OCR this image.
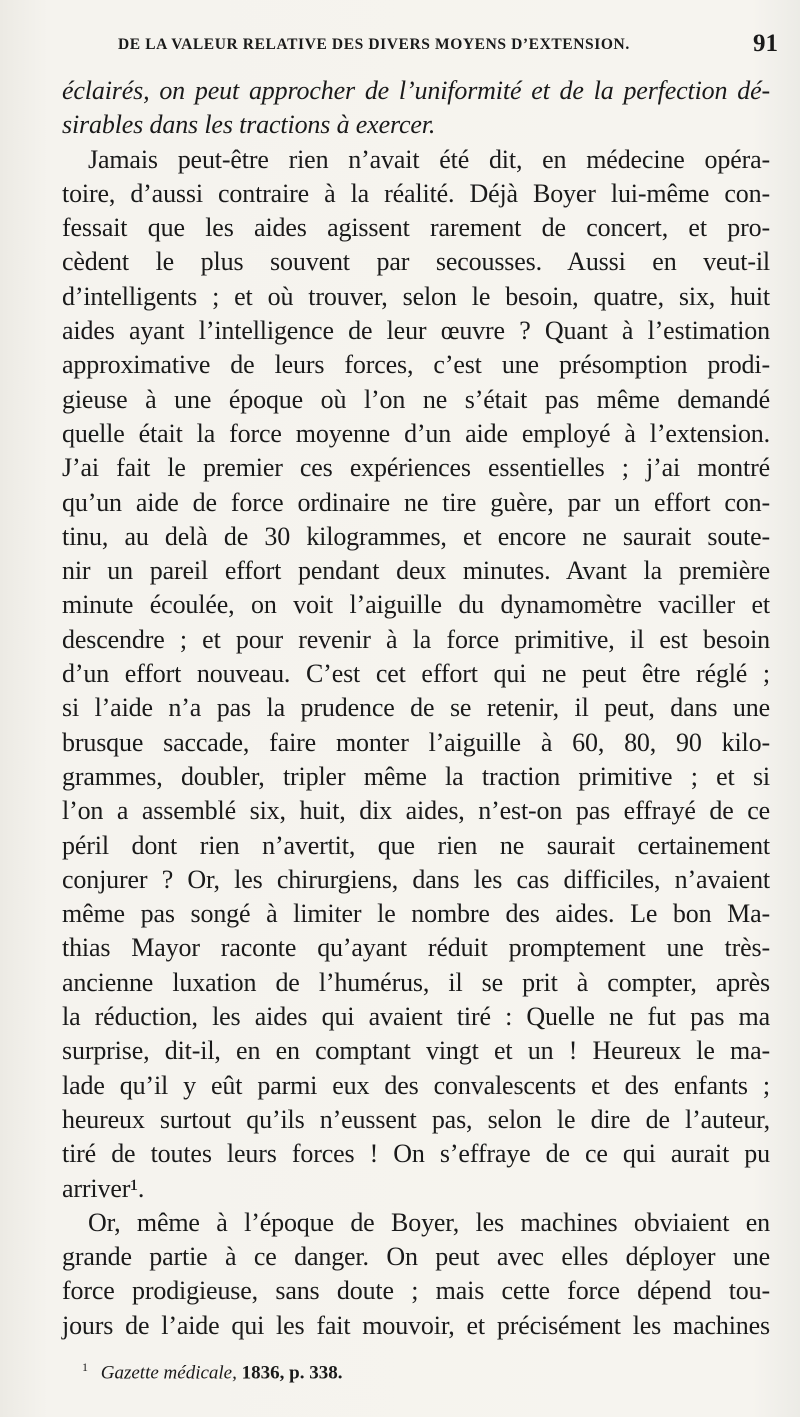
DE LA VALEUR RELATIVE DES DIVERS MOYENS D’EXTENSION.	91
éclairés, on peut approcher de l’uniformité et de la perfection dé-
sirables dans les tractions à exercer.
Jamais peut-être rien n’avait été dit, en médecine opéra-
toire, d’aussi contraire à la réalité. Déjà Boyer lui-même con-
fessait que les aides agissent rarement de concert, et pro-
cèdent le plus souvent par secousses. Aussi en veut-il
d’intelligents ; et où trouver, selon le besoin, quatre, six, huit
aides ayant l’intelligence de leur œuvre ? Quant à l’estimation
approximative de leurs forces, c’est une présomption prodi-
gieuse à une époque où l’on ne s’était pas même demandé
quelle était la force moyenne d’un aide employé à l’extension.
J’ai fait le premier ces expériences essentielles ; j’ai montré
qu’un aide de force ordinaire ne tire guère, par un effort con-
tinu, au delà de 30 kilogrammes, et encore ne saurait soute-
nir un pareil effort pendant deux minutes. Avant la première
minute écoulée, on voit l’aiguille du dynamomètre vaciller et
descendre ; et pour revenir à la force primitive, il est besoin
d’un effort nouveau. C’est cet effort qui ne peut être réglé ;
si l’aide n’a pas la prudence de se retenir, il peut, dans une
brusque saccade, faire monter l’aiguille à 60, 80, 90 kilo-
grammes, doubler, tripler même la traction primitive ; et si
l’on a assemblé six, huit, dix aides, n’est-on pas effrayé de ce
péril dont rien n’avertit, que rien ne saurait certainement
conjurer ? Or, les chirurgiens, dans les cas difficiles, n’avaient
même pas songé à limiter le nombre des aides. Le bon Ma-
thias Mayor raconte qu’ayant réduit promptement une très-
ancienne luxation de l’humérus, il se prit à compter, après
la réduction, les aides qui avaient tiré : Quelle ne fut pas ma
surprise, dit-il, en en comptant vingt et un ! Heureux le ma-
lade qu’il y eût parmi eux des convalescents et des enfants ;
heureux surtout qu’ils n’eussent pas, selon le dire de l’auteur,
tiré de toutes leurs forces ! On s’effraye de ce qui aurait pu
arriver¹.
Or, même à l’époque de Boyer, les machines obviaient en
grande partie à ce danger. On peut avec elles déployer une
force prodigieuse, sans doute ; mais cette force dépend tou-
jours de l’aide qui les fait mouvoir, et précisément les machines
$^1$ Gazette médicale, 1836, p. 338.
